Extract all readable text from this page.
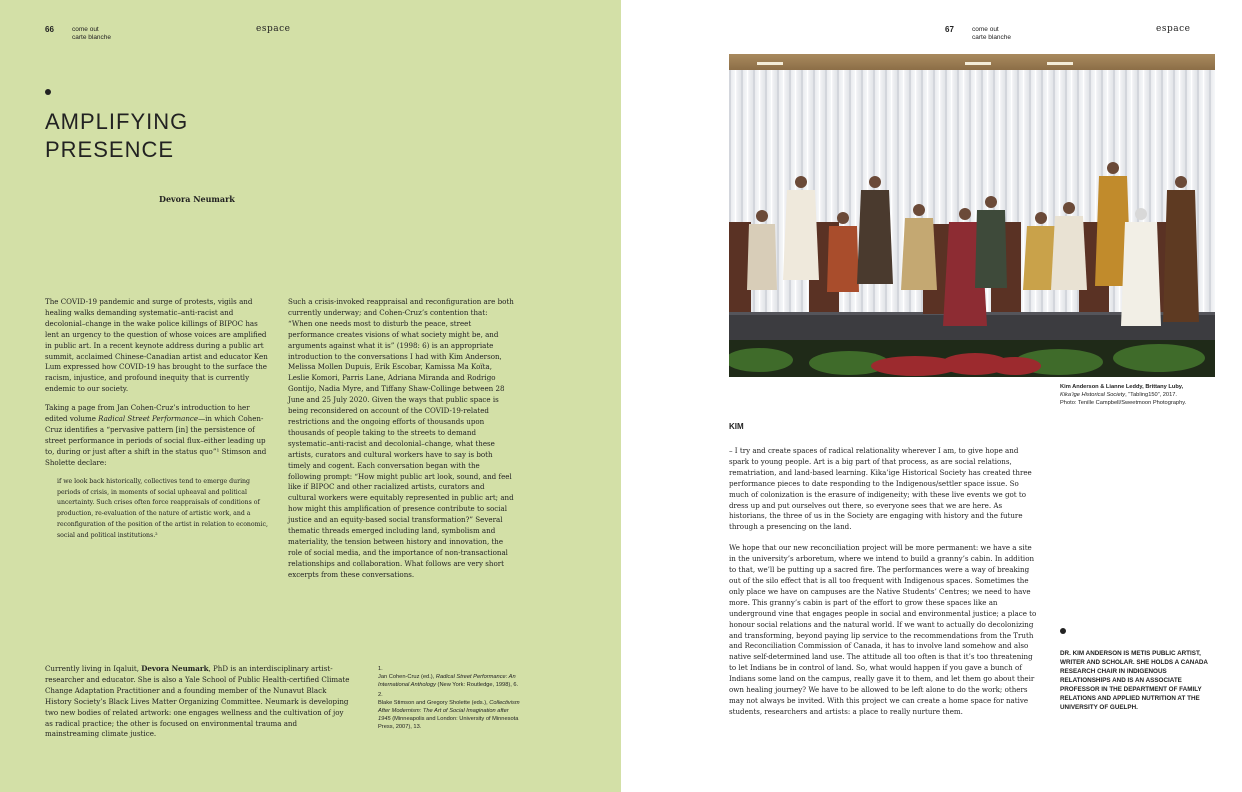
66	come out
carte blanche
espace
AMPLIFYING
PRESENCE
Devora Neumark

The COVID-19 pandemic and surge of protests, vigils and healing walks demanding systematic–anti-racist and decolonial–change in the wake police killings of BIPOC has lent an urgency to the question of whose voices are amplified in public art. In a recent keynote address during a public art summit, acclaimed Chinese-Canadian artist and educator Ken Lum expressed how COVID-19 has brought to the surface the racism, injustice, and profound inequity that is currently endemic to our society.

Taking a page from Jan Cohen-Cruz’s introduction to her edited volume Radical Street Performance—in which Cohen-Cruz identifies a “pervasive pattern [in] the persistence of street performance in periods of social flux–either leading up to, during or just after a shift in the status quo”¹ Stimson and Sholette declare:

if we look back historically, collectives tend to emerge during periods of crisis, in moments of social upheaval and political uncertainty. Such crises often force reappraisals of conditions of production, re-evaluation of the nature of artistic work, and a reconfiguration of the position of the artist in relation to economic, social and political institutions.²

Such a crisis-invoked reappraisal and reconfiguration are both currently underway; and Cohen-Cruz’s contention that: “When one needs most to disturb the peace, street performance creates visions of what society might be, and arguments against what it is” (1998: 6) is an appropriate introduction to the conversations I had with Kim Anderson, Melissa Mollen Dupuis, Erik Escobar, Kamissa Ma Koïta, Leslie Komori, Parris Lane, Adriana Miranda and Rodrigo Gontijo, Nadia Myre, and Tiffany Shaw-Collinge between 28 June and 25 July 2020. Given the ways that public space is being reconsidered on account of the COVID-19-related restrictions and the ongoing efforts of thousands upon thousands of people taking to the streets to demand systematic–anti-racist and decolonial–change, what these artists, curators and cultural workers have to say is both timely and cogent. Each conversation began with the following prompt: “How might public art look, sound, and feel like if BIPOC and other racialized artists, curators and cultural workers were equitably represented in public art; and how might this amplification of presence contribute to social justice and an equity-based social transformation?” Several thematic threads emerged including land, symbolism and materiality, the tension between history and innovation, the role of social media, and the importance of non-transactional relationships and collaboration. What follows are very short excerpts from these conversations.

Currently living in Iqaluit, Devora Neumark, PhD is an interdisciplinary artist-researcher and educator. She is also a Yale School of Public Health-certified Climate Change Adaptation Practitioner and a founding member of the Nunavut Black History Society’s Black Lives Matter Organizing Committee. Neumark is developing two new bodies of related artwork: one engages wellness and the cultivation of joy as radical practice; the other is focused on environmental trauma and mainstreaming climate justice.

1.
Jan Cohen-Cruz (ed.), Radical Street Performance: An International Anthology (New York: Routledge, 1998), 6.
2.
Blake Stimson and Gregory Sholette (eds.), Collectivism After Modernism: The Art of Social Imagination after 1945 (Minneapolis and London: University of Minnesota Press, 2007), 13.
67	come out
carte blanche
espace
Kim Anderson & Lianne Leddy, Brittany Luby,
Kika’ige Historical Society, “Tabling150”, 2017.
Photo: Tenille Campbell/Sweetmoon Photography.
KIM

– I try and create spaces of radical relationality wherever I am, to give hope and spark to young people. Art is a big part of that process, as are social relations, rematriation, and land-based learning. Kika’ige Historical Society has created three performance pieces to date responding to the Indigenous/settler space issue. So much of colonization is the erasure of indigeneity; with these live events we got to dress up and put ourselves out there, so everyone sees that we are here. As historians, the three of us in the Society are engaging with history and the future through a presencing on the land.

We hope that our new reconciliation project will be more permanent: we have a site in the university’s arboretum, where we intend to build a granny’s cabin. In addition to that, we’ll be putting up a sacred fire. The performances were a way of breaking out of the silo effect that is all too frequent with Indigenous spaces. Sometimes the only place we have on campuses are the Native Students’ Centres; we need to have more. This granny’s cabin is part of the effort to grow these spaces like an underground vine that engages people in social and environmental justice; a place to honour social relations and the natural world. If we want to actually do decolonizing and transforming, beyond paying lip service to the recommendations from the Truth and Reconciliation Commission of Canada, it has to involve land somehow and also native self-determined land use. The attitude all too often is that it’s too threatening to let Indians be in control of land. So, what would happen if you gave a bunch of Indians some land on the campus, really gave it to them, and let them go about their own healing journey? We have to be allowed to be left alone to do the work; others may not always be invited. With this project we can create a home space for native students, researchers and artists: a place to really nurture them.

DR. KIM ANDERSON IS METIS PUBLIC ARTIST, WRITER AND SCHOLAR. SHE HOLDS A CANADA RESEARCH CHAIR IN INDIGENOUS RELATIONSHIPS AND IS AN ASSOCIATE PROFESSOR IN THE DEPARTMENT OF FAMILY RELATIONS AND APPLIED NUTRITION AT THE UNIVERSITY OF GUELPH.
